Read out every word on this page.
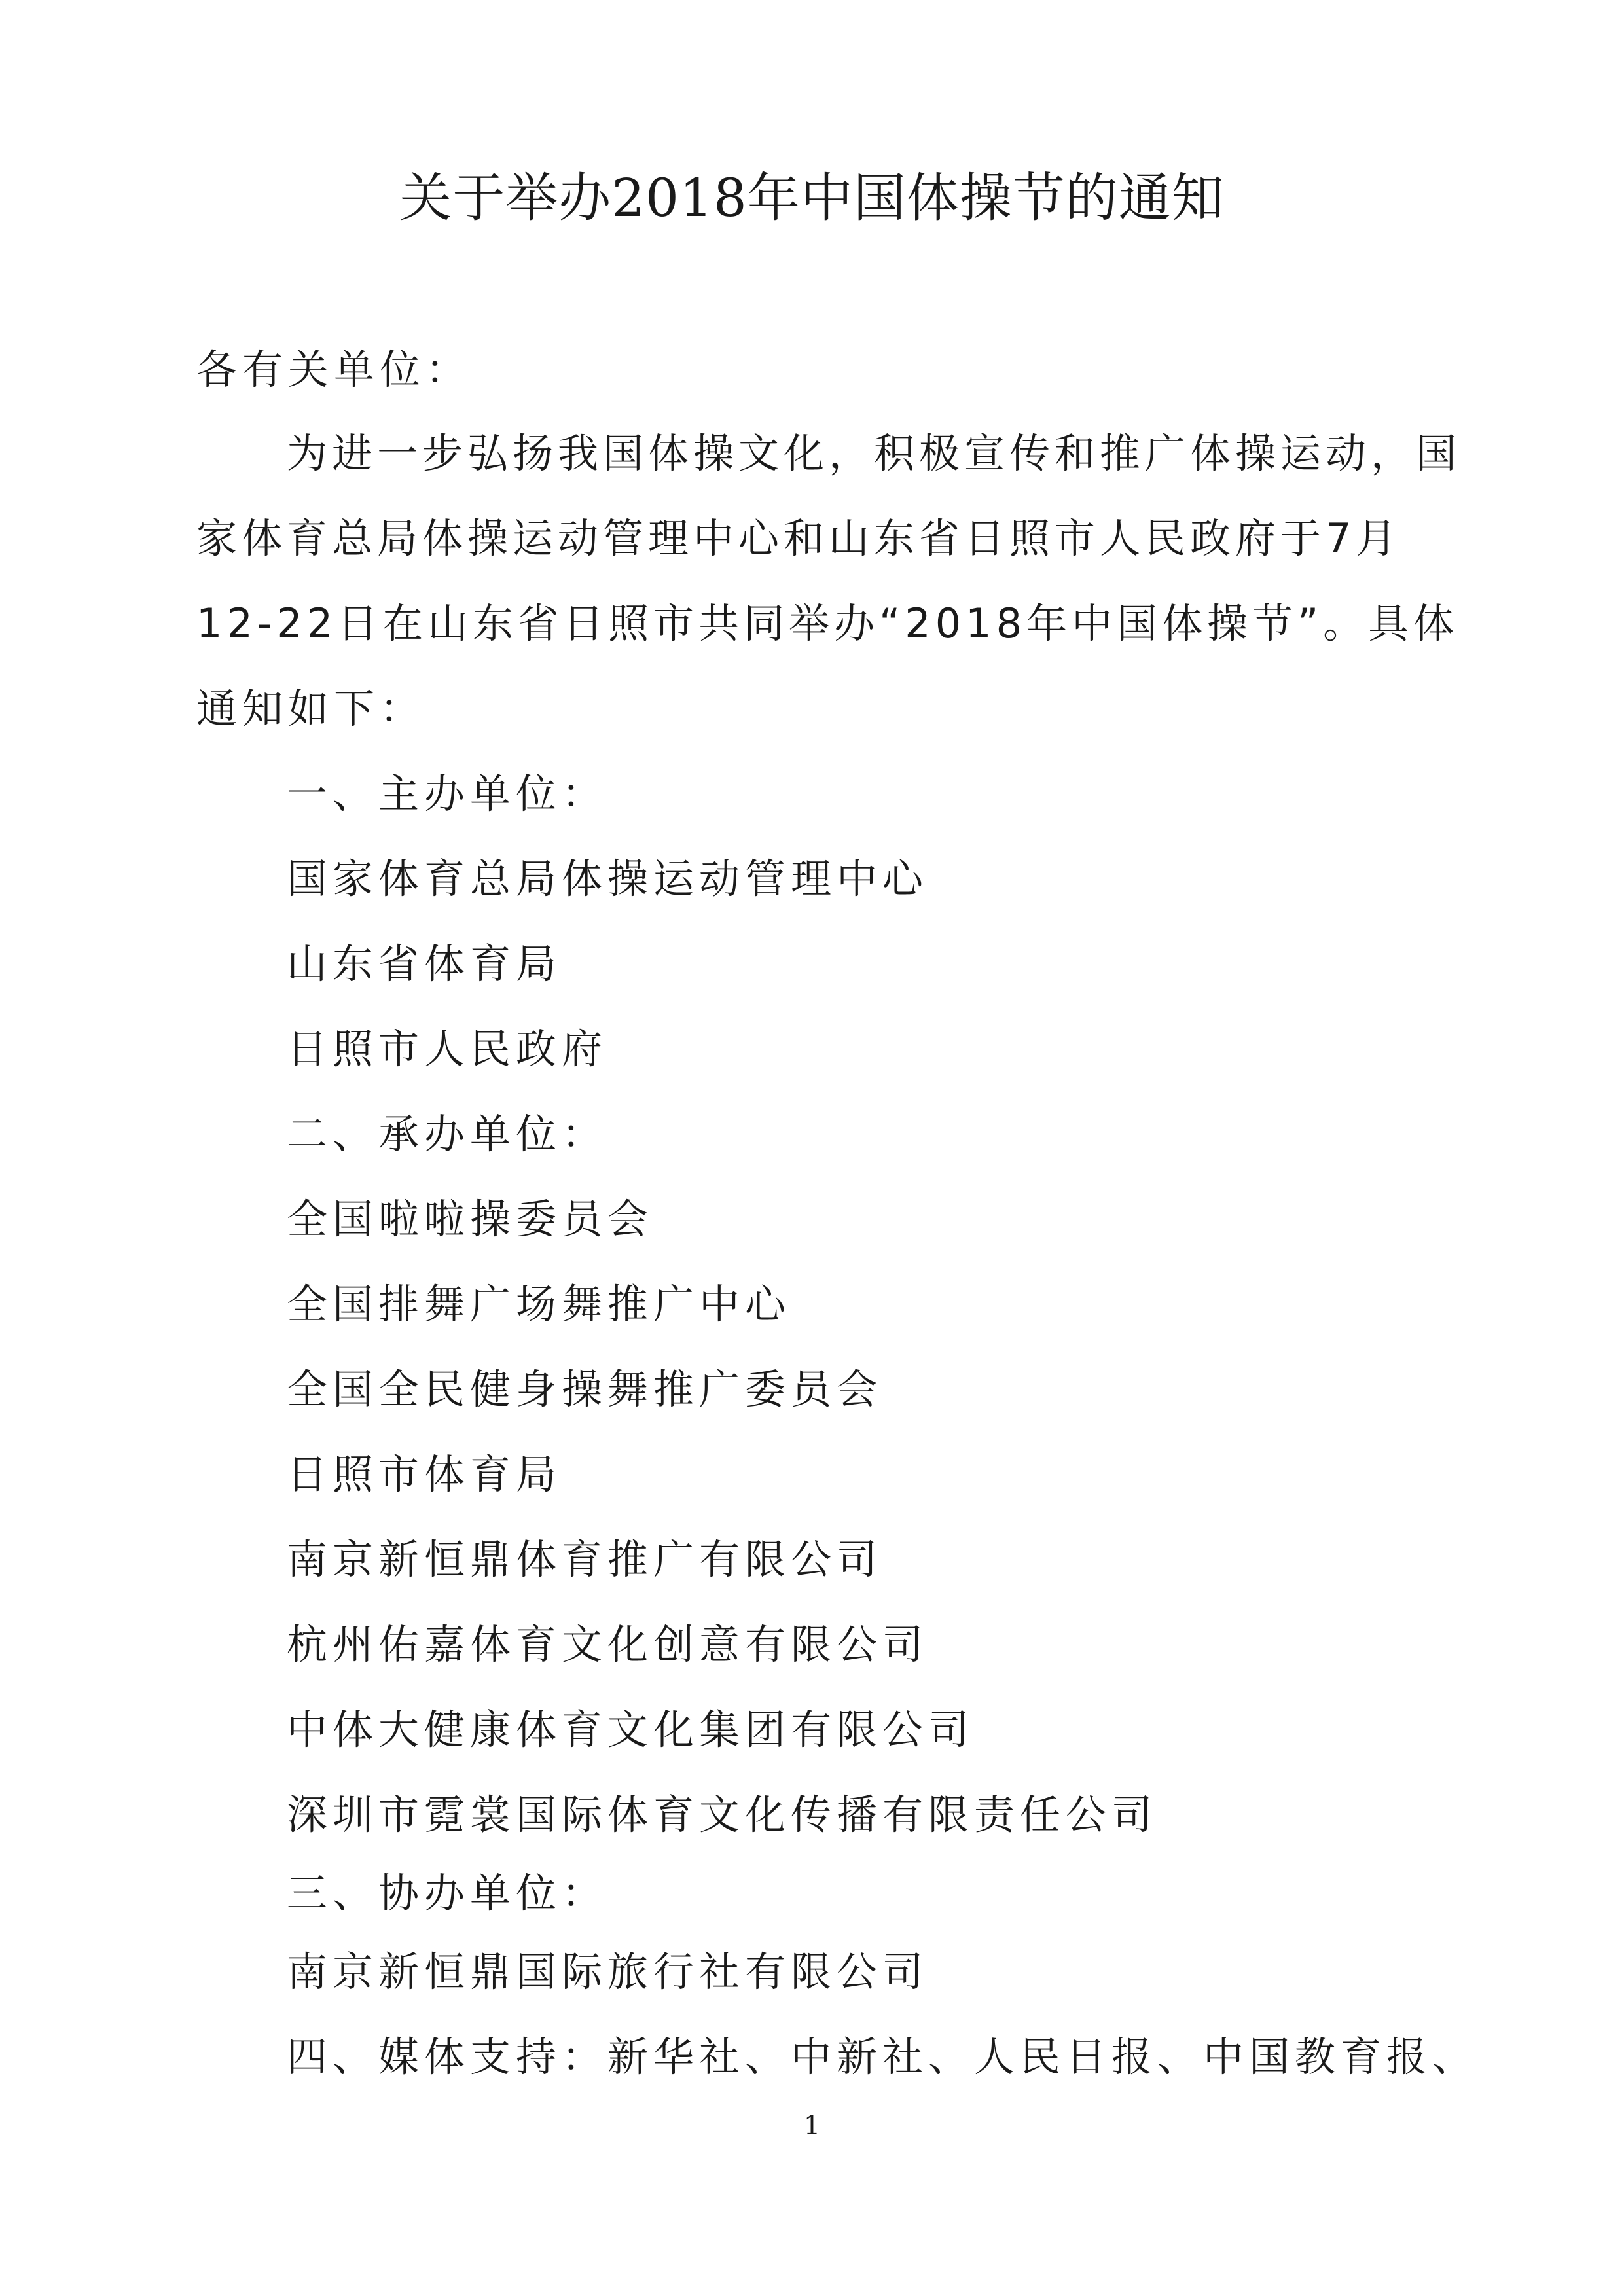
关于举办2018年中国体操节的通知
各有关单位：
为进一步弘扬我国体操文化，积极宣传和推广体操运动，国
家体育总局体操运动管理中心和山东省日照市人民政府于7月
12-22日在山东省日照市共同举办“2018年中国体操节”。具体
通知如下：
一、主办单位：
国家体育总局体操运动管理中心
山东省体育局
日照市人民政府
二、承办单位：
全国啦啦操委员会
全国排舞广场舞推广中心
全国全民健身操舞推广委员会
日照市体育局
南京新恒鼎体育推广有限公司
杭州佑嘉体育文化创意有限公司
中体大健康体育文化集团有限公司
深圳市霓裳国际体育文化传播有限责任公司
三、协办单位：
南京新恒鼎国际旅行社有限公司
四、媒体支持：新华社、中新社、人民日报、中国教育报、
1
